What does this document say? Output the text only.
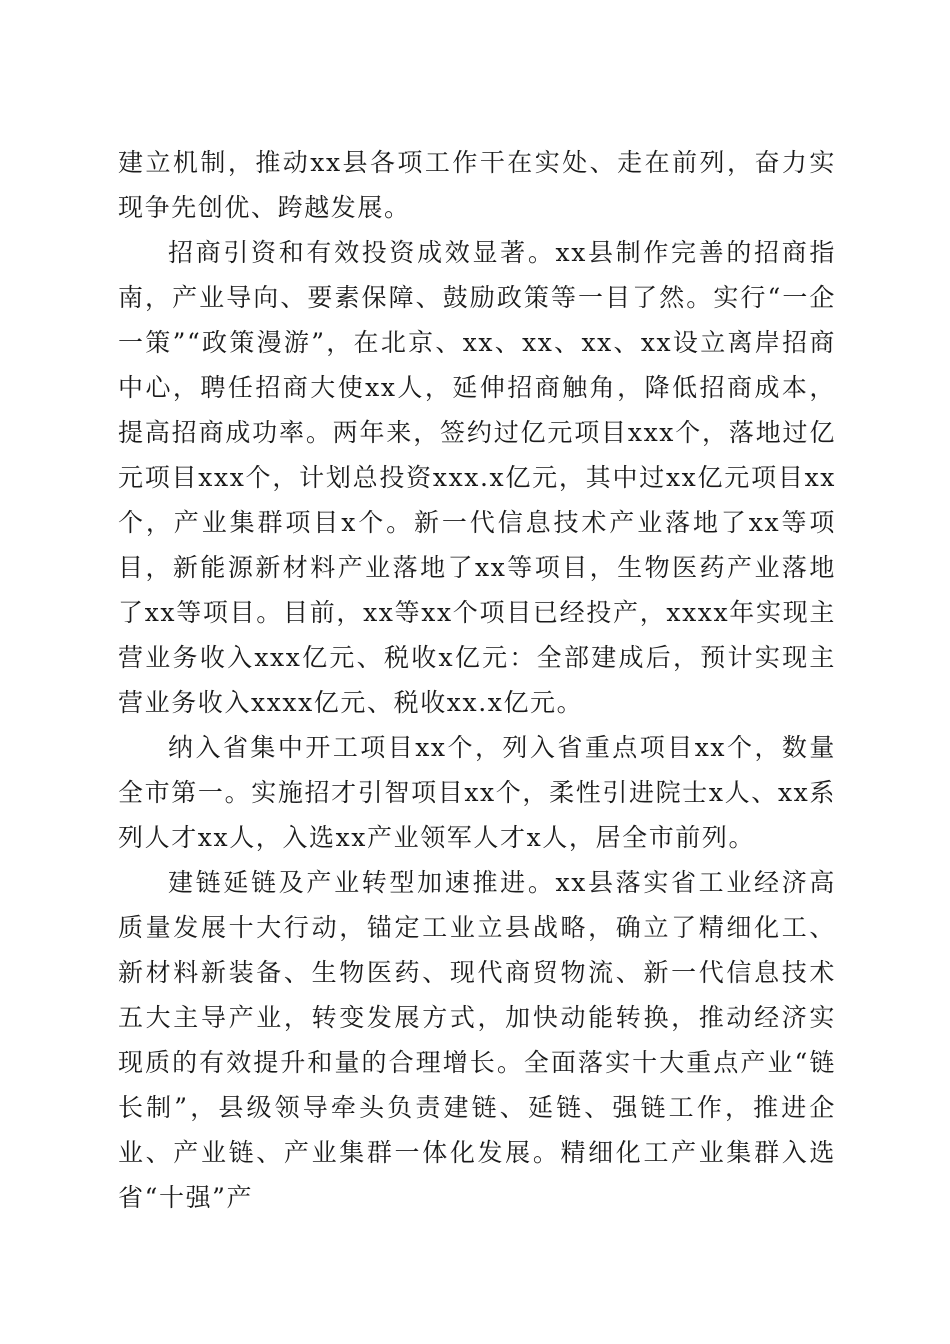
建立机制，推动xx县各项工作干在实处、走在前列，奋力实现争先创优、跨越发展。

招商引资和有效投资成效显著。xx县制作完善的招商指南，产业导向、要素保障、鼓励政策等一目了然。实行“一企一策”“政策漫游”，在北京、xx、xx、xx、xx设立离岸招商中心，聘任招商大使xx人，延伸招商触角，降低招商成本，提高招商成功率。两年来，签约过亿元项目xxx个，落地过亿元项目xxx个，计划总投资xxx.x亿元，其中过xx亿元项目xx个，产业集群项目x个。新一代信息技术产业落地了xx等项目，新能源新材料产业落地了xx等项目，生物医药产业落地了xx等项目。目前，xx等xx个项目已经投产，xxxx年实现主营业务收入xxx亿元、税收x亿元：全部建成后，预计实现主营业务收入xxxx亿元、税收xx.x亿元。

纳入省集中开工项目xx个，列入省重点项目xx个，数量全市第一。实施招才引智项目xx个，柔性引进院士x人、xx系列人才xx人，入选xx产业领军人才x人，居全市前列。

建链延链及产业转型加速推进。xx县落实省工业经济高质量发展十大行动，锚定工业立县战略，确立了精细化工、新材料新装备、生物医药、现代商贸物流、新一代信息技术五大主导产业，转变发展方式，加快动能转换，推动经济实现质的有效提升和量的合理增长。全面落实十大重点产业“链长制”，县级领导牵头负责建链、延链、强链工作，推进企业、产业链、产业集群一体化发展。精细化工产业集群入选省“十强”产
